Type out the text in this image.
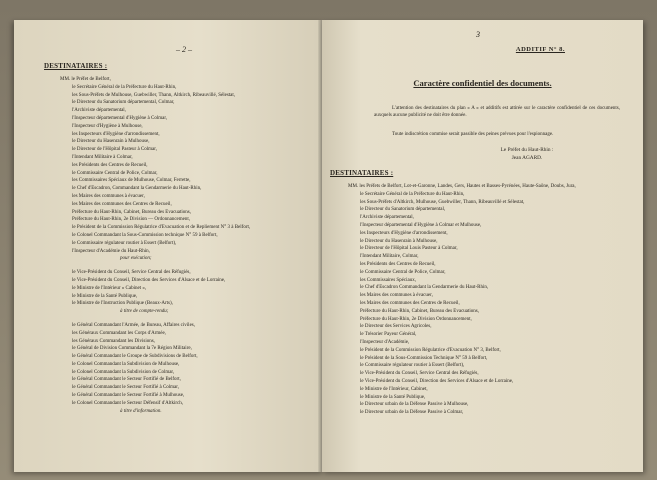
– 2 –
DESTINATAIRES :
MM. le Préfet de Belfort,
le Secrétaire Général de la Préfecture du Haut-Rhin,
les Sous-Préfets de Mulhouse, Guebwiller, Thann, Altkirch, Ribeauvillé, Sélestat,
le Directeur du Sanatorium départemental, Colmar,
l'Archiviste départemental,
l'Inspecteur départemental d'Hygiène à Colmar,
l'Inspecteur d'Hygiène à Mulhouse,
les Inspecteurs d'Hygiène d'arrondissement,
le Directeur du Hasenrain à Mulhouse,
le Directeur de l'Hôpital Pasteur à Colmar,
l'Intendant Militaire à Colmar,
les Présidents des Centres de Recueil,
le Commissaire Central de Police, Colmar,
les Commissaires Spéciaux de Mulhouse, Colmar, Ferrette,
le Chef d'Escadron, Commandant la Gendarmerie du Haut-Rhin,
les Maires des communes à évacuer,
les Maires des communes des Centres de Recueil,
Préfecture du Haut-Rhin, Cabinet, Bureau des Evacuations,
Préfecture du Haut-Rhin, 2e Division — Ordonnancement,
le Président de la Commission Régulatrice d'Evacuation et de Repliement N° 3 à Belfort,
le Colonel Commandant la Sous-Commission technique N° 59 à Belfort,
le Commissaire régulateur routier à Essert (Belfort),
l'Inspecteur d'Académie du Haut-Rhin,
pour exécution;
le Vice-Président du Conseil, Service Central des Réfugiés,
le Vice-Président du Conseil, Direction des Services d'Alsace et de Lorraine,
le Ministre de l'Intérieur « Cabinet »,
le Ministre de la Santé Publique,
le Ministre de l'Instruction Publique (Beaux-Arts),
à titre de compte-rendu;
le Général Commandant l'Armée, 4e Bureau, Affaires civiles,
les Généraux Commandant les Corps d'Armée,
les Généraux Commandant les Divisions,
le Général de Division Commandant la 7e Région Militaire,
le Général Commandant le Groupe de Subdivisions de Belfort,
le Colonel Commandant la Subdivision de Mulhouse,
le Colonel Commandant la Subdivision de Colmar,
le Général Commandant le Secteur Fortifié de Belfort,
le Général Commandant le Secteur Fortifié à Colmar,
le Général Commandant le Secteur Fortifié à Mulhouse,
le Colonel Commandant le Secteur Défensif d'Altkirch,
à titre d'information.
3
ADDITIF N° 8.
Caractère confidentiel des documents.
L'attention des destinataires du plan « A » et additifs est attirée sur le caractère confidentiel de ces documents, auxquels aucune publicité ne doit être donnée.
Toute indiscrétion commise serait passible des peines prévues pour l'espionnage.
Le Préfet du Haut-Rhin :
Jean AGARD.
DESTINATAIRES :
MM. les Préfets de Belfort, Lot-et-Garonne, Landes, Gers, Hautes et Basses-Pyrénées, Haute-Saône, Doubs, Jura,
le Secrétaire Général de la Préfecture du Haut-Rhin,
les Sous-Préfets d'Altkirch, Mulhouse, Guebwiller, Thann, Ribeauvillé et Sélestat,
le Directeur du Sanatorium départemental,
l'Archiviste départemental,
l'Inspecteur départemental d'Hygiène à Colmar et Mulhouse,
les Inspecteurs d'Hygiène d'arrondissement,
le Directeur du Hasenrain à Mulhouse,
le Directeur de l'Hôpital Louis Pasteur à Colmar,
l'Intendant Militaire, Colmar,
les Présidents des Centres de Recueil,
le Commissaire Central de Police, Colmar,
les Commissaires Spéciaux,
le Chef d'Escadron Commandant la Gendarmerie du Haut-Rhin,
les Maires des communes à évacuer,
les Maires des communes des Centres de Recueil,
Préfecture du Haut-Rhin, Cabinet, Bureau des Evacuations,
Préfecture du Haut-Rhin, 2e Division Ordonnancement,
le Directeur des Services Agricoles,
le Trésorier Payeur Général,
l'Inspecteur d'Académie,
le Président de la Commission Régulatrice d'Evacuation N° 3, Belfort,
le Président de la Sous-Commission Technique N° 59 à Belfort,
le Commissaire régulateur routier à Essert (Belfort),
le Vice-Président du Conseil, Service Central des Réfugiés,
le Vice-Président du Conseil, Direction des Services d'Alsace et de Lorraine,
le Ministre de l'Intérieur, Cabinet,
le Ministre de la Santé Publique,
le Directeur urbain de la Défense Passive à Mulhouse,
le Directeur urbain de la Défense Passive à Colmar,
